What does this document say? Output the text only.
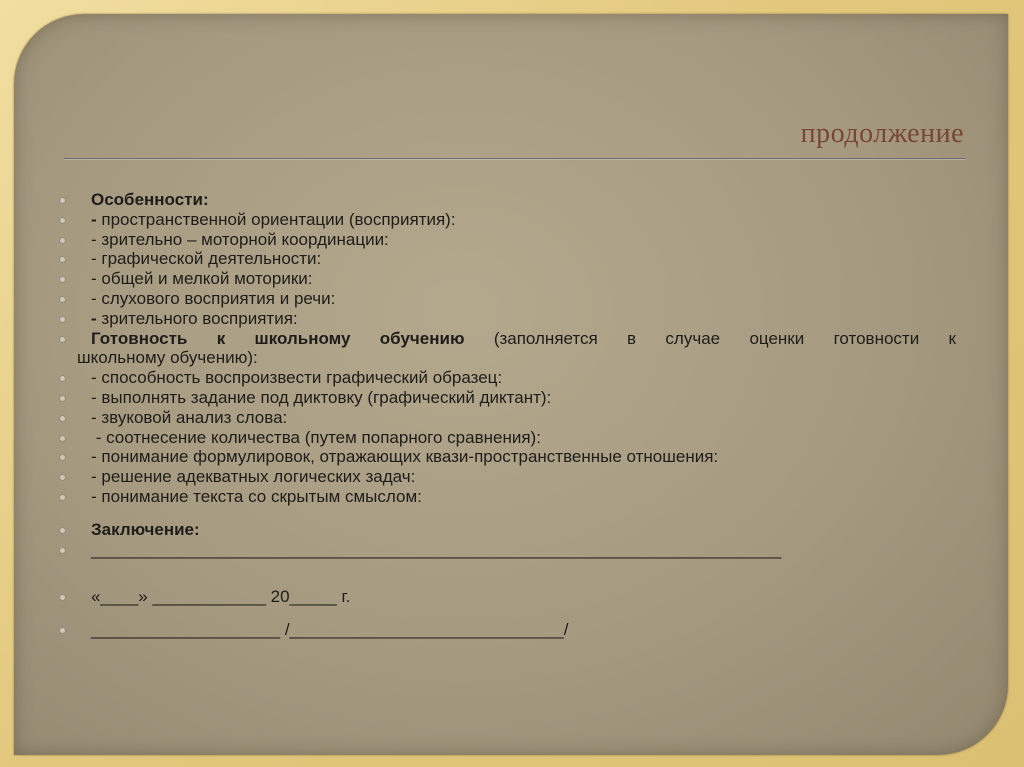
продолжение
Особенности:
- пространственной ориентации (восприятия):
- зрительно – моторной координации:
- графической деятельности:
- общей и мелкой моторики:
- слухового восприятия и речи:
- зрительного восприятия:
Готовность к школьному обучению (заполняется в случае оценки готовности к
школьному обучению):
- способность воспроизвести графический образец:
- выполнять задание под диктовку (графический диктант):
- звуковой анализ слова:
- соотнесение количества (путем попарного сравнения):
- понимание формулировок, отражающих квази-пространственные отношения:
- решение адекватных логических задач:
- понимание текста со скрытым смыслом:
Заключение:
_________________________________________________________________________
«____» ____________ 20_____ г.
____________________ /_____________________________/
